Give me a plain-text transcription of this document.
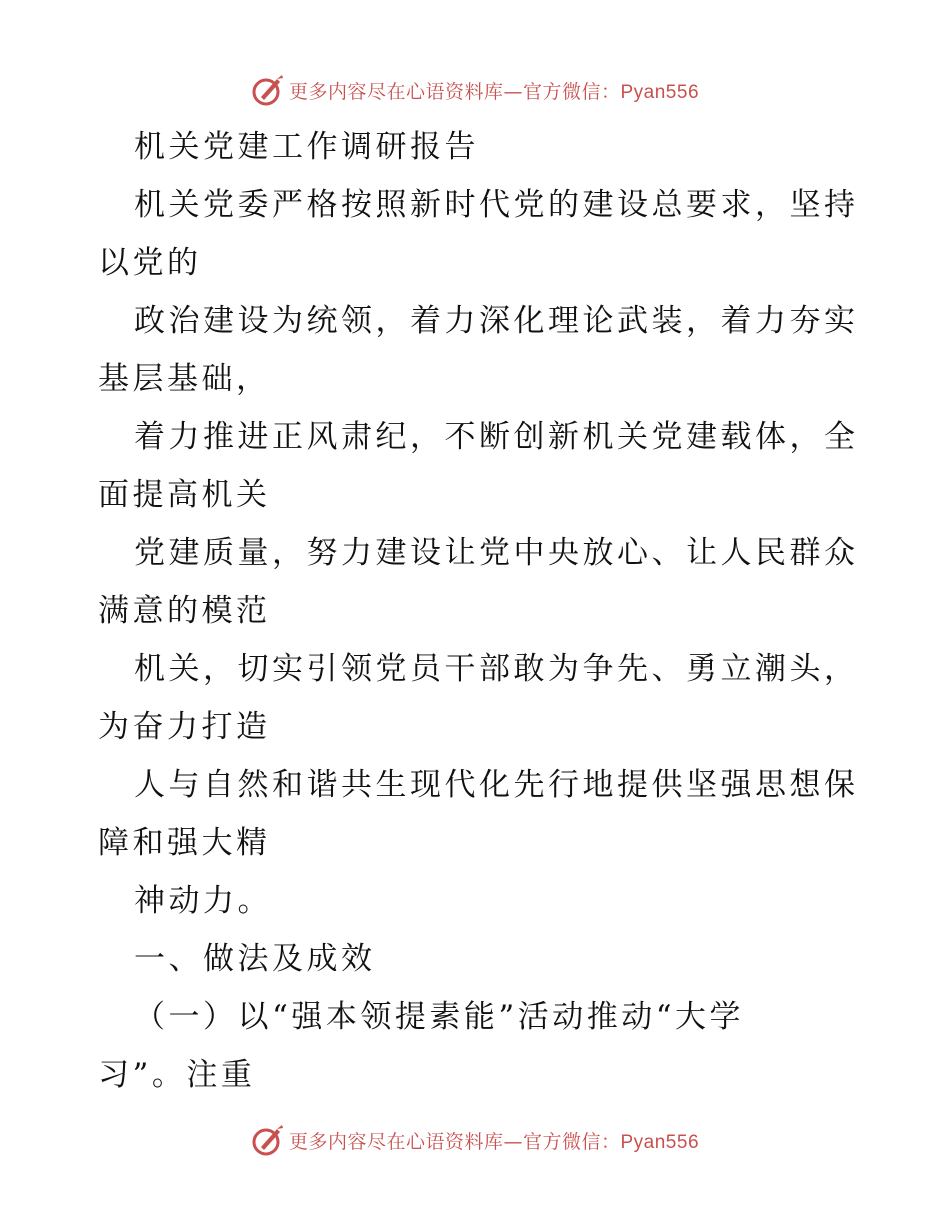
更多内容尽在心语资料库—官方微信：Pyan556
机关党建工作调研报告
机关党委严格按照新时代党的建设总要求，坚持
以党的
政治建设为统领，着力深化理论武装，着力夯实
基层基础，
着力推进正风肃纪，不断创新机关党建载体，全
面提高机关
党建质量，努力建设让党中央放心、让人民群众
满意的模范
机关，切实引领党员干部敢为争先、勇立潮头，
为奋力打造
人与自然和谐共生现代化先行地提供坚强思想保
障和强大精
神动力。
一、做法及成效
（一）以“强本领提素能”活动推动“大学
习”。注重
更多内容尽在心语资料库—官方微信：Pyan556
